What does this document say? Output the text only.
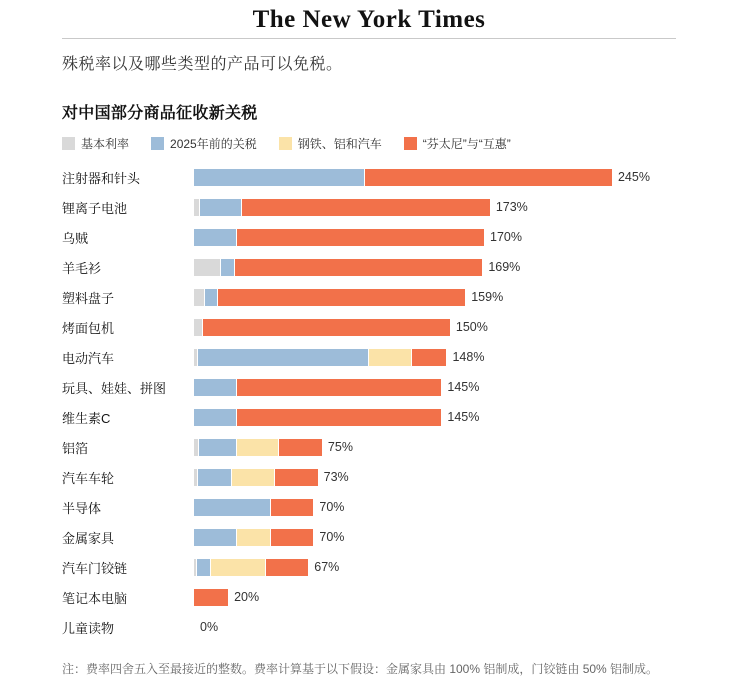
The New York Times
殊税率以及哪些类型的产品可以免税。
对中国部分商品征收新关税
基本利率	2025年前的关税	钢铁、铝和汽车	“芬太尼”与“互惠”
注射器和针头	245%
锂离子电池	173%
乌贼	170%
羊毛衫	169%
塑料盘子	159%
烤面包机	150%
电动汽车	148%
玩具、娃娃、拼图	145%
维生素C	145%
铝箔	75%
汽车车轮	73%
半导体	70%
金属家具	70%
汽车门铰链	67%
笔记本电脑	20%
儿童读物	0%
注：费率四舍五入至最接近的整数。费率计算基于以下假设：金属家具由 100% 铝制成，门铰链由 50% 铝制成。
